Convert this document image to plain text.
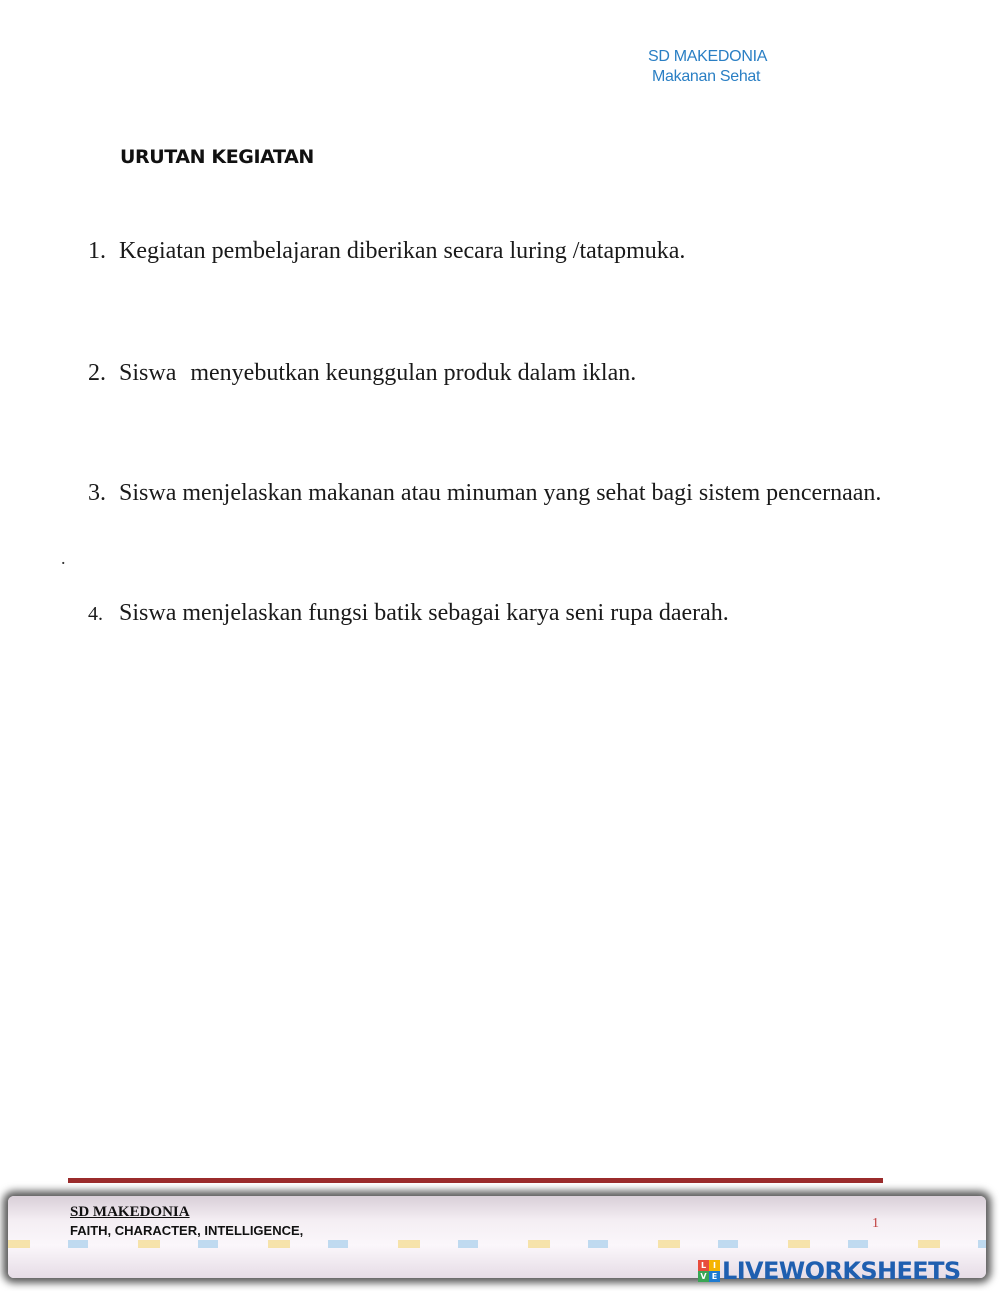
SD MAKEDONIA
Makanan Sehat
URUTAN KEGIATAN
1. Kegiatan pembelajaran diberikan secara luring /tatapmuka.
2. Siswa menyebutkan keunggulan produk dalam iklan.
.
3. Siswa menjelaskan makanan atau minuman yang sehat bagi sistem pencernaan.
4. Siswa menjelaskan fungsi batik sebagai karya seni rupa daerah.
SD MAKEDONIA
FAITH, CHARACTER, INTELLIGENCE,	1
L I
V E LIVEWORKSHEETS
